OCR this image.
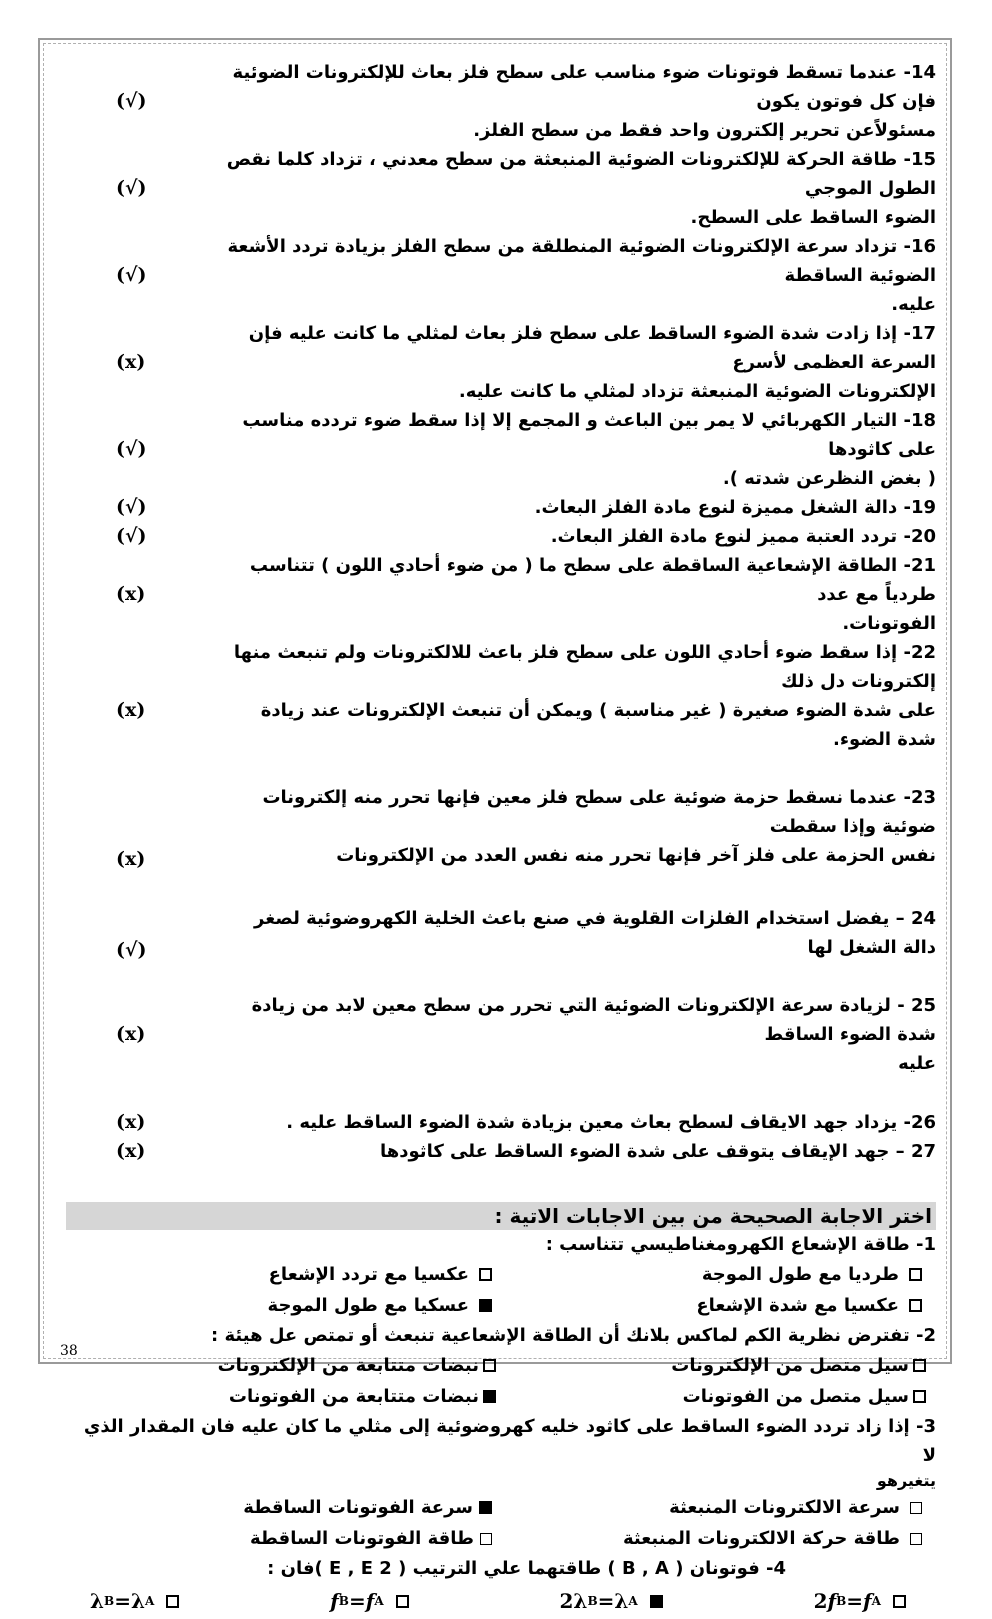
14- عندما تسقط فوتونات ضوء مناسب على سطح فلز بعاث للإلكترونات الضوئية فإن كل فوتون يكون
مسئولاًعن تحرير إلكترون واحد فقط من سطح الفلز.
(√)
15- طاقة الحركة للإلكترونات الضوئية المنبعثة من سطح معدني ، تزداد كلما نقص الطول الموجي
الضوء الساقط على السطح.
(√)
16- تزداد سرعة الإلكترونات الضوئية المنطلقة من سطح الفلز بزيادة تردد الأشعة الضوئية الساقطة
عليه.
(√)
17- إذا زادت شدة الضوء الساقط على سطح فلز بعاث لمثلي ما كانت عليه فإن السرعة العظمى لأسرع
الإلكترونات الضوئية المنبعثة تزداد لمثلي ما كانت عليه.
(x)
18- التيار الكهربائي لا يمر بين الباعث و المجمع إلا إذا سقط ضوء تردده مناسب على كاثودها
( بغض النظرعن شدته ).
(√)
19- دالة الشغل مميزة لنوع مادة الفلز البعاث.
(√)
20- تردد العتبة مميز لنوع مادة الفلز البعاث.
(√)
21- الطاقة الإشعاعية الساقطة على سطح ما ( من ضوء أحادي اللون ) تتناسب طردياً مع عدد
الفوتونات.
(x)
22- إذا سقط ضوء أحادي اللون على سطح فلز باعث للالكترونات ولم تنبعث منها إلكترونات دل ذلك
على شدة الضوء صغيرة ( غير مناسبة ) ويمكن أن تنبعث الإلكترونات عند زيادة شدة الضوء.
(x)
23- عندما نسقط حزمة ضوئية على سطح فلز معين فإنها تحرر منه إلكترونات ضوئية وإذا سقطت
نفس الحزمة على فلز آخر فإنها تحرر منه نفس العدد من الإلكترونات
(x)
24 – يفضل استخدام الفلزات القلوية في صنع باعث الخلية الكهروضوئية لصغر دالة الشغل لها
(√)
25 - لزيادة سرعة الإلكترونات الضوئية التي تحرر من سطح معين لابد من زيادة شدة الضوء الساقط
عليه
(x)
26- يزداد جهد الايقاف لسطح بعاث معين بزيادة شدة الضوء الساقط عليه .
(x)
27 – جهد الإيقاف يتوقف على شدة الضوء الساقط على كاثودها
(x)
اختر الاجابة الصحيحة من بين الاجابات الاتية :
1- طاقة الإشعاع الكهرومغناطيسي تتناسب :
طرديا مع طول الموجة
عكسيا مع تردد الإشعاع
عكسيا مع شدة الإشعاع
عسكيا مع طول الموجة
2- تفترض نظرية الكم لماكس بلانك أن الطاقة الإشعاعية تنبعث أو تمتص عل هيئة :
سيل متصل من الإلكترونات
نبضات متتابعة من الإلكترونات
سيل متصل من الفوتونات
نبضات متتابعة من الفوتونات
3- إذا زاد تردد الضوء الساقط على كاثود خليه كهروضوئية إلى مثلي ما كان عليه فان المقدار الذي لا
يتغيرهو
سرعة الالكترونات المنبعثة
سرعة الفوتونات الساقطة
طاقة حركة الالكترونات المنبعثة
طاقة الفوتونات الساقطة
4- فوتونان ( B , A ) طاقتهما علي الترتيب ( 2 E , E )فان :
λ B = λ A	f B = f A	2 λ B = λ A	2 f B = f A
38
